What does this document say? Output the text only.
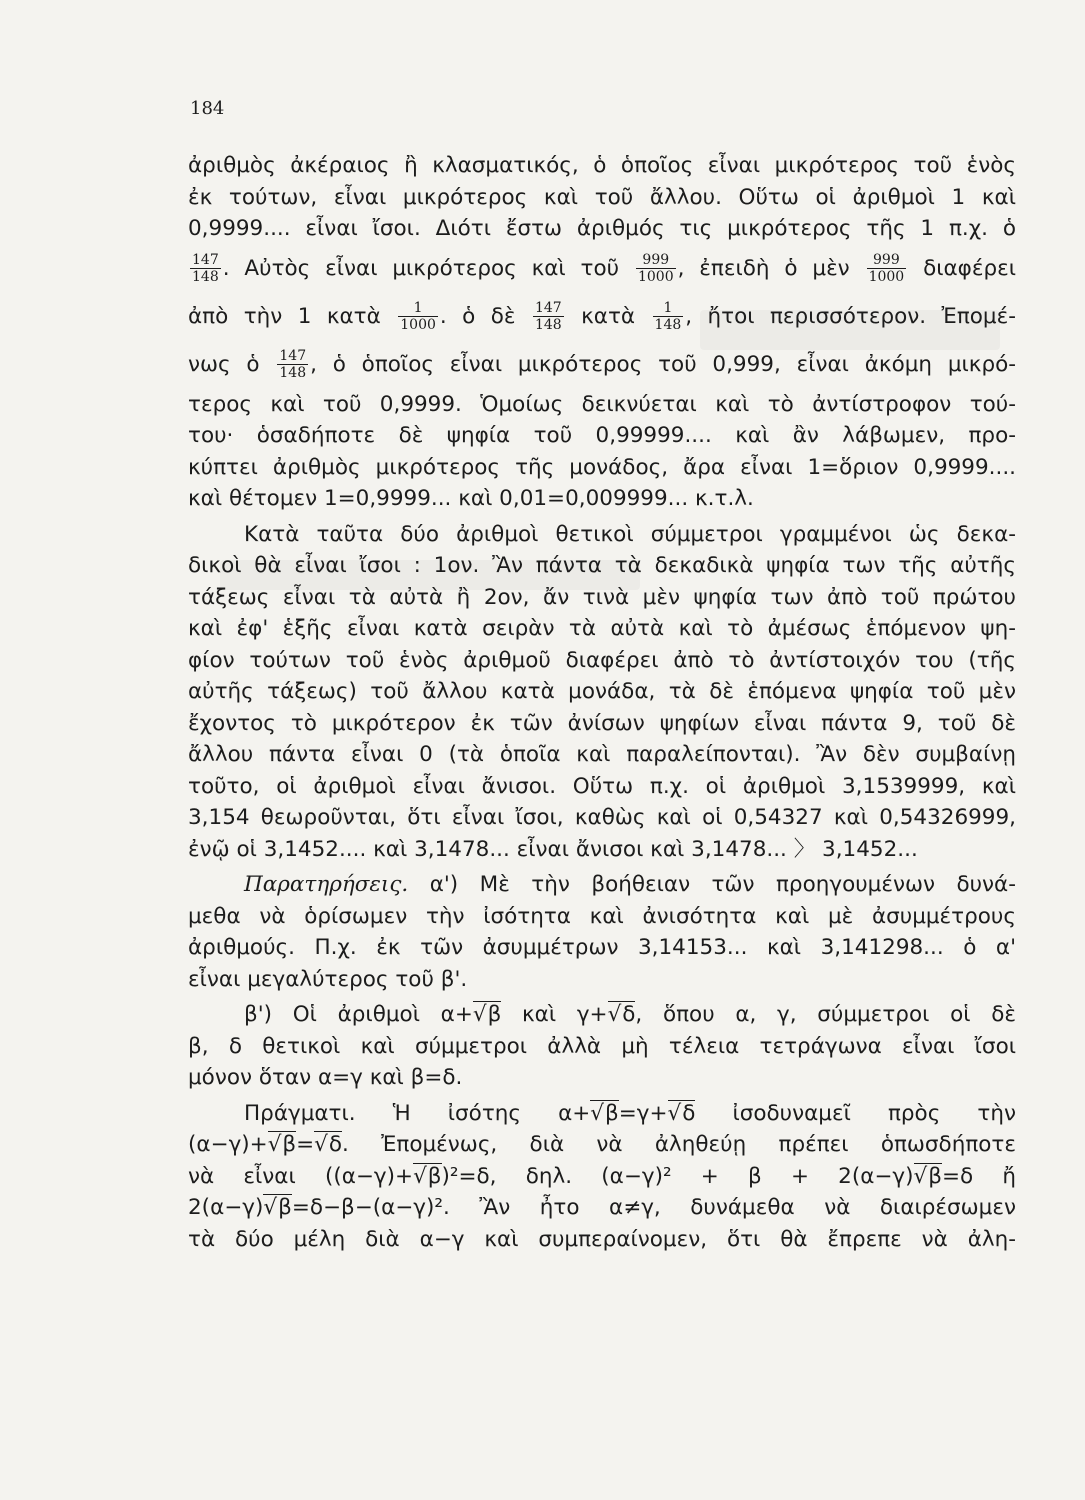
184
ἀριθμὸς ἀκέραιος ἢ κλασματικός, ὁ ὁποῖος εἶναι μικρότερος τοῦ ἑνὸς
ἐκ τούτων, εἶναι μικρότερος καὶ τοῦ ἄλλου. Οὕτω οἱ ἀριθμοὶ 1 καὶ
0,9999.... εἶναι ἴσοι. Διότι ἔστω ἀριθμός τις μικρότερος τῆς 1 π.χ. ὁ
$\frac{147}{148}$ . Αὐτὸς εἶναι μικρότερος καὶ τοῦ $\frac{999}{1000}$ , ἐπειδὴ ὁ μὲν $\frac{999}{1000}$ διαφέρει
ἀπὸ τὴν 1 κατὰ $\frac{1}{1000}$ . ὁ δὲ $\frac{147}{148}$ κατὰ $\frac{1}{148}$ , ἤτοι περισσότερον. Ἐπομέ-
νως ὁ $\frac{147}{148}$ , ὁ ὁποῖος εἶναι μικρότερος τοῦ 0,999, εἶναι ἀκόμη μικρό-
τερος καὶ τοῦ 0,9999. Ὁμοίως δεικνύεται καὶ τὸ ἀντίστροφον τού-
του· ὁσαδήποτε δὲ ψηφία τοῦ 0,99999.... καὶ ἂν λάβωμεν, προ-
κύπτει ἀριθμὸς μικρότερος τῆς μονάδος, ἄρα εἶναι 1=ὅριον 0,9999....
καὶ θέτομεν 1=0,9999... καὶ 0,01=0,009999... κ.τ.λ.
Κατὰ ταῦτα δύο ἀριθμοὶ θετικοὶ σύμμετροι γραμμένοι ὡς δεκα-
δικοὶ θὰ εἶναι ἴσοι : 1ον. Ἂν πάντα τὰ δεκαδικὰ ψηφία των τῆς αὐτῆς
τάξεως εἶναι τὰ αὐτὰ ἢ 2ον, ἄν τινὰ μὲν ψηφία των ἀπὸ τοῦ πρώτου
καὶ ἐφ' ἑξῆς εἶναι κατὰ σειρὰν τὰ αὐτὰ καὶ τὸ ἀμέσως ἑπόμενον ψη-
φίον τούτων τοῦ ἑνὸς ἀριθμοῦ διαφέρει ἀπὸ τὸ ἀντίστοιχόν του (τῆς
αὐτῆς τάξεως) τοῦ ἄλλου κατὰ μονάδα, τὰ δὲ ἑπόμενα ψηφία τοῦ μὲν
ἔχοντος τὸ μικρότερον ἐκ τῶν ἀνίσων ψηφίων εἶναι πάντα 9, τοῦ δὲ
ἄλλου πάντα εἶναι 0 (τὰ ὁποῖα καὶ παραλείπονται). Ἂν δὲν συμβαίνῃ
τοῦτο, οἱ ἀριθμοὶ εἶναι ἄνισοι. Οὕτω π.χ. οἱ ἀριθμοὶ 3,1539999, καὶ
3,154 θεωροῦνται, ὅτι εἶναι ἴσοι, καθὼς καὶ οἱ 0,54327 καὶ 0,54326999,
ἐνῷ οἱ 3,1452.... καὶ 3,1478... εἶναι ἄνισοι καὶ 3,1478... 〉 3,1452...
Παρατηρήσεις. α') Μὲ τὴν βοήθειαν τῶν προηγουμένων δυνά-
μεθα νὰ ὁρίσωμεν τὴν ἰσότητα καὶ ἀνισότητα καὶ μὲ ἀσυμμέτρους
ἀριθμούς. Π.χ. ἐκ τῶν ἀσυμμέτρων 3,14153... καὶ 3,141298... ὁ α'
εἶναι μεγαλύτερος τοῦ β'.
β') Οἱ ἀριθμοὶ α+ √ β καὶ γ+ √ δ, ὅπου α, γ, σύμμετροι οἱ δὲ
β, δ θετικοὶ καὶ σύμμετροι ἀλλὰ μὴ τέλεια τετράγωνα εἶναι ἴσοι
μόνον ὅταν α=γ καὶ β=δ.
Πράγματι. Ἡ ἰσότης α+ √ β=γ+ √ δ ἰσοδυναμεῖ πρὸς τὴν
(α−γ)+ √ β= √ δ. Ἐπομένως, διὰ νὰ ἀληθεύῃ πρέπει ὁπωσδήποτε
νὰ εἶναι ((α−γ)+ √ β)²=δ, δηλ. (α−γ)² + β + 2(α−γ) √ β=δ ἤ
2(α−γ) √ β=δ−β−(α−γ)². Ἂν ἦτο α≠γ, δυνάμεθα νὰ διαιρέσωμεν
τὰ δύο μέλη διὰ α−γ καὶ συμπεραίνομεν, ὅτι θὰ ἔπρεπε νὰ ἀλη-
